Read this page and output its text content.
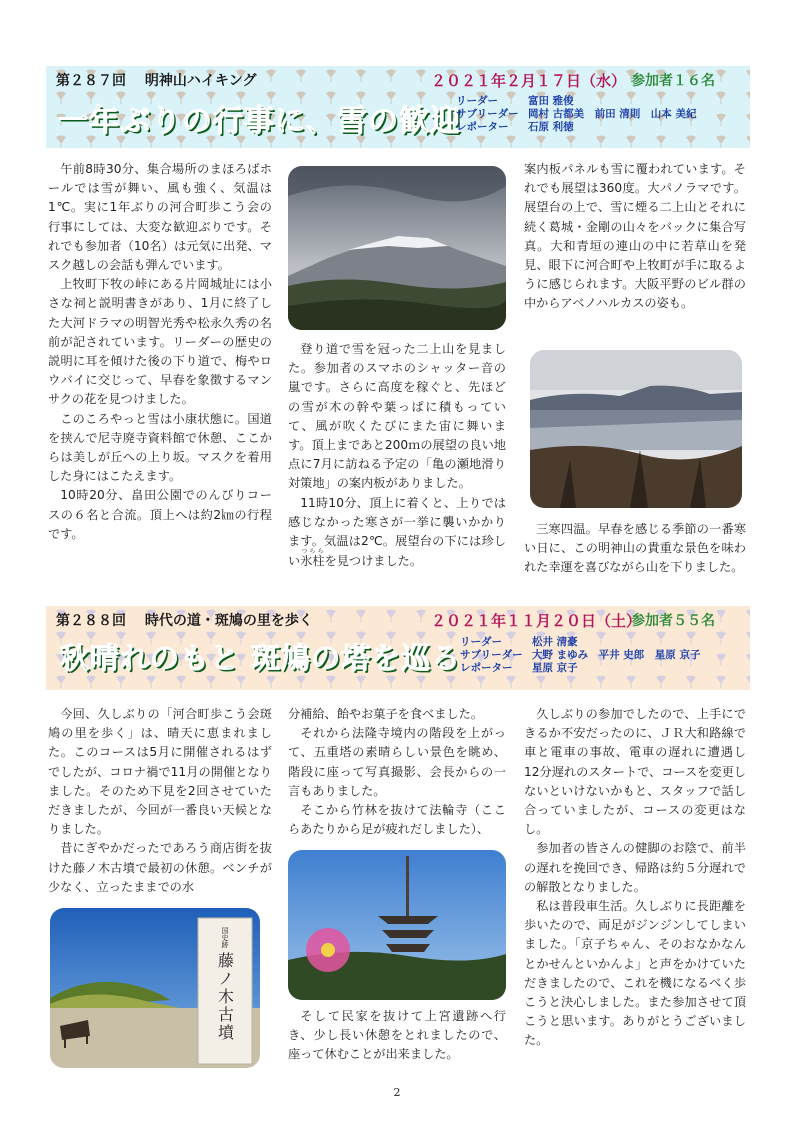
第２８７回 明神山ハイキング	２０２１年２月１７日（水） 参加者１６名
一年ぶりの行事に、雪の歓迎
リーダー	富田 雅俊
サブリーダー 岡村 古都美　前田 清則　山本 美紀
レポーター 石原 利徳

午前8時30分、集合場所のまほろばホールでは雪が舞い、風も強く、気温は1℃。実に1年ぶりの河合町歩こう会の行事にしては、大変な歓迎ぶりです。それでも参加者（10名）は元気に出発、マスク越しの会話も弾んでいます。

上牧町下牧の峠にある片岡城址には小さな祠と説明書きがあり、1月に終了した大河ドラマの明智光秀や松永久秀の名前が記されています。リーダーの歴史の説明に耳を傾けた後の下り道で、梅やロウバイに交じって、早春を象徴するマンサクの花を見つけました。

このころやっと雪は小康状態に。国道を挟んで尼寺廃寺資料館で休憩、ここからは美しが丘への上り坂。マスクを着用した身にはこたえます。

10時20分、畠田公園でのんびりコースの６名と合流。頂上へは約2㎞の行程です。

登り道で雪を冠った二上山を見ました。参加者のスマホのシャッター音の嵐です。さらに高度を稼ぐと、先ほどの雪が木の幹や葉っぱに積もっていて、風が吹くたびにまた宙に舞います。頂上まであと200ｍの展望の良い地点に7月に訪ねる予定の「亀の瀬地滑り対策地」の案内板がありました。

11時10分、頂上に着くと、上りでは感じなかった寒さが一挙に襲いかかります。気温は2℃。展望台の下には珍しい氷柱つららを見つけました。

案内板パネルも雪に覆われています。それでも展望は360度。大パノラマです。展望台の上で、雪に煙る二上山とそれに続く葛城・金剛の山々をバックに集合写真。大和青垣の連山の中に若草山を発見、眼下に河合町や上牧町が手に取るように感じられます。大阪平野のビル群の中からアベノハルカスの姿も。

三寒四温。早春を感じる季節の一番寒い日に、この明神山の貴重な景色を味われた幸運を喜びながら山を下りました。

第２８８回 時代の道・斑鳩の里を歩く	２０２１年１１月２０日（土）
参加者５５名
秋晴れのもと 斑鳩の塔を巡る
リーダー	松井 清豪
サブリーダー 大野 まゆみ　平井 史郎　星原 京子
レポーター 星原 京子

今回、久しぶりの「河合町歩こう会斑鳩の里を歩く」は、晴天に恵まれました。このコースは5月に開催されるはずでしたが、コロナ禍で11月の開催となりました。そのため下見を2回させていただきましたが、今回が一番良い天候となりました。

昔にぎやかだったであろう商店街を抜けた藤ノ木古墳で最初の休憩。ベンチが少なく、立ったままでの水

国史跡
藤ノ木古墳

分補給、飴やお菓子を食べました。

それから法隆寺境内の階段を上がって、五重塔の素晴らしい景色を眺め、階段に座って写真撮影、会長からの一言もありました。

そこから竹林を抜けて法輪寺（ここらあたりから足が疲れだしました）、

そして民家を抜けて上宮遺跡へ行き、少し長い休憩をとれましたので、座って休むことが出来ました。

久しぶりの参加でしたので、上手にできるか不安だったのに、ＪＲ大和路線で車と電車の事故、電車の遅れに遭遇し12分遅れのスタートで、コースを変更しないといけないかもと、スタッフで話し合っていましたが、コースの変更はなし。

参加者の皆さんの健脚のお陰で、前半の遅れを挽回でき、帰路は約５分遅れでの解散となりました。

私は普段車生活。久しぶりに長距離を歩いたので、両足がジンジンしてしまいました。「京子ちゃん、そのおなかなんとかせんといかんよ」と声をかけていただきましたので、これを機になるべく歩こうと決心しました。また参加させて頂こうと思います。ありがとうございました。

2
